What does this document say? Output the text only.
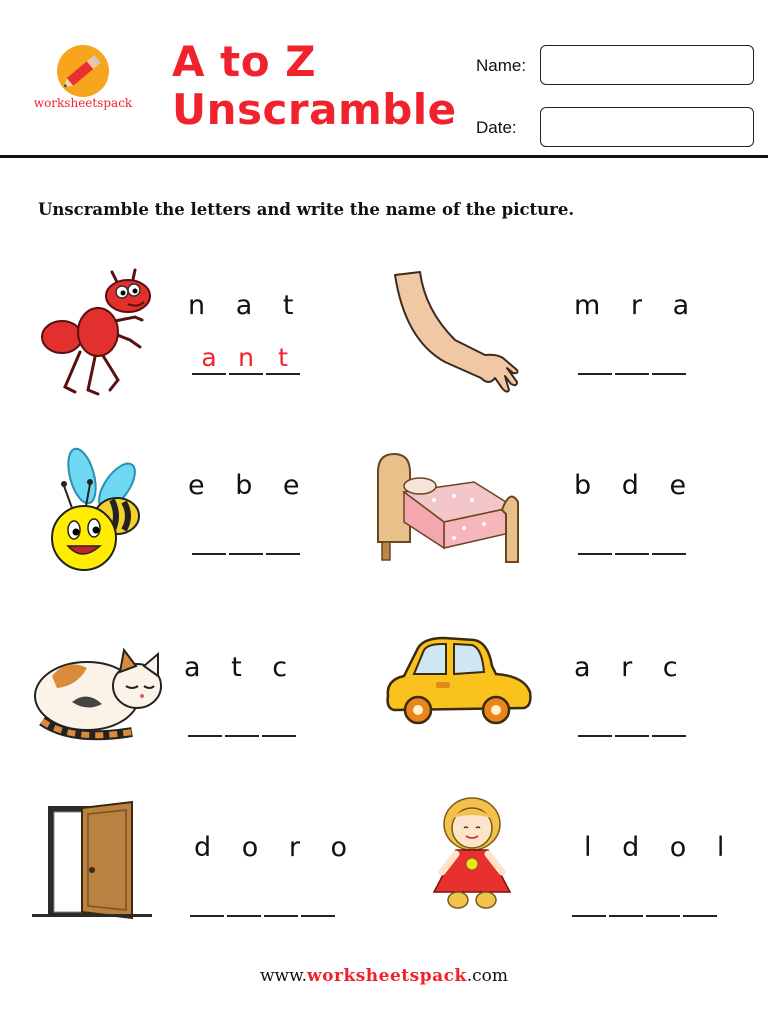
worksheetspack
A to Z
Unscramble
Name:
Date:
Unscramble the letters and write the name of the picture.
n a t
a n t
m r a
e b e	b d e
a t c	a r c
d o r o	l d o l
www.worksheetspack.com
